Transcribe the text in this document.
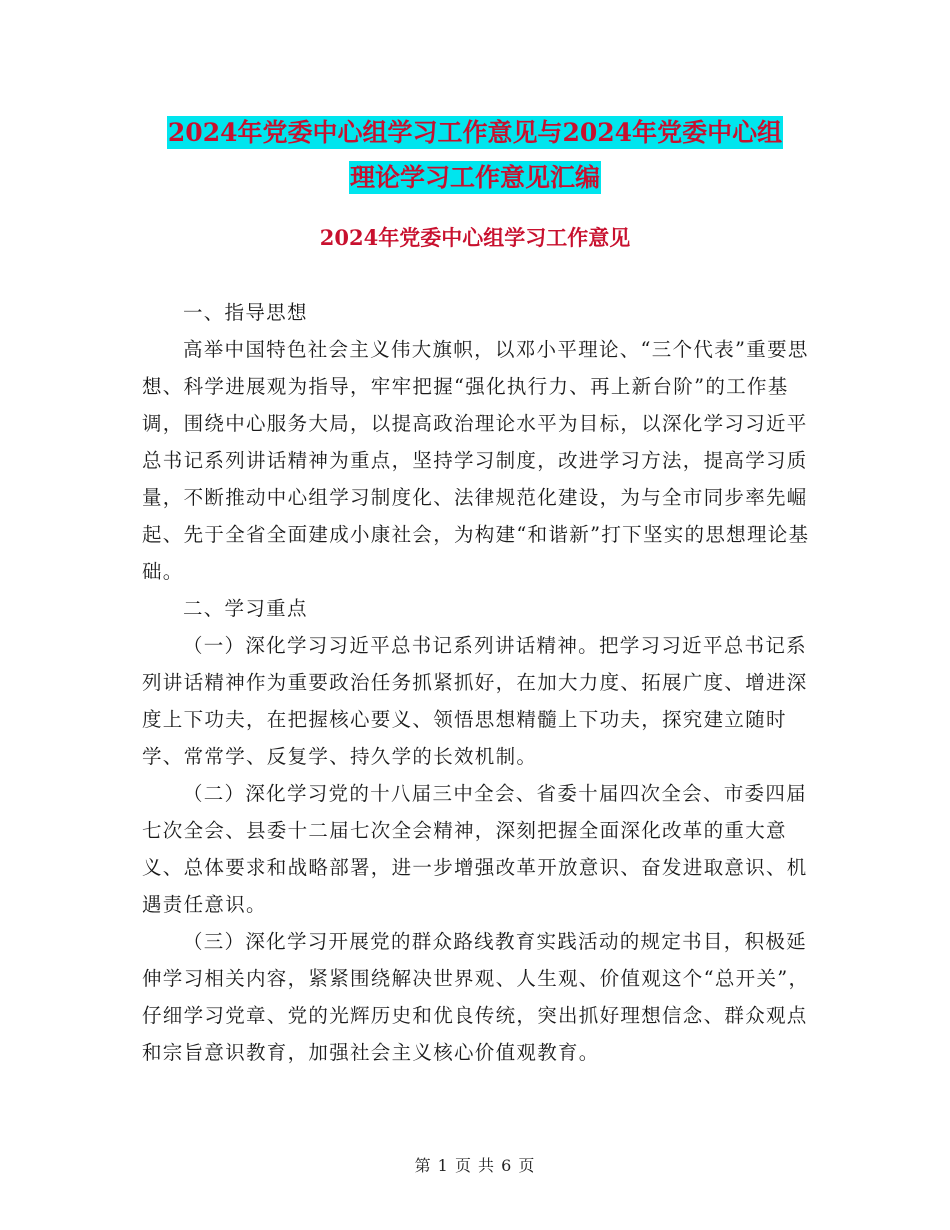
2024年党委中心组学习工作意见与2024年党委中心组
理论学习工作意见汇编
2024年党委中心组学习工作意见

一、指导思想

高举中国特色社会主义伟大旗帜，以邓小平理论、“三个代表”重要思想、科学进展观为指导，牢牢把握“强化执行力、再上新台阶”的工作基调，围绕中心服务大局，以提高政治理论水平为目标，以深化学习习近平总书记系列讲话精神为重点，坚持学习制度，改进学习方法，提高学习质量，不断推动中心组学习制度化、法律规范化建设，为与全市同步率先崛起、先于全省全面建成小康社会，为构建“和谐新”打下坚实的思想理论基础。

二、学习重点

（一）深化学习习近平总书记系列讲话精神。把学习习近平总书记系列讲话精神作为重要政治任务抓紧抓好，在加大力度、拓展广度、增进深度上下功夫，在把握核心要义、领悟思想精髓上下功夫，探究建立随时学、常常学、反复学、持久学的长效机制。

（二）深化学习党的十八届三中全会、省委十届四次全会、市委四届七次全会、县委十二届七次全会精神，深刻把握全面深化改革的重大意义、总体要求和战略部署，进一步增强改革开放意识、奋发进取意识、机遇责任意识。

（三）深化学习开展党的群众路线教育实践活动的规定书目，积极延伸学习相关内容，紧紧围绕解决世界观、人生观、价值观这个“总开关”，仔细学习党章、党的光辉历史和优良传统，突出抓好理想信念、群众观点和宗旨意识教育，加强社会主义核心价值观教育。

第 1 页 共 6 页
